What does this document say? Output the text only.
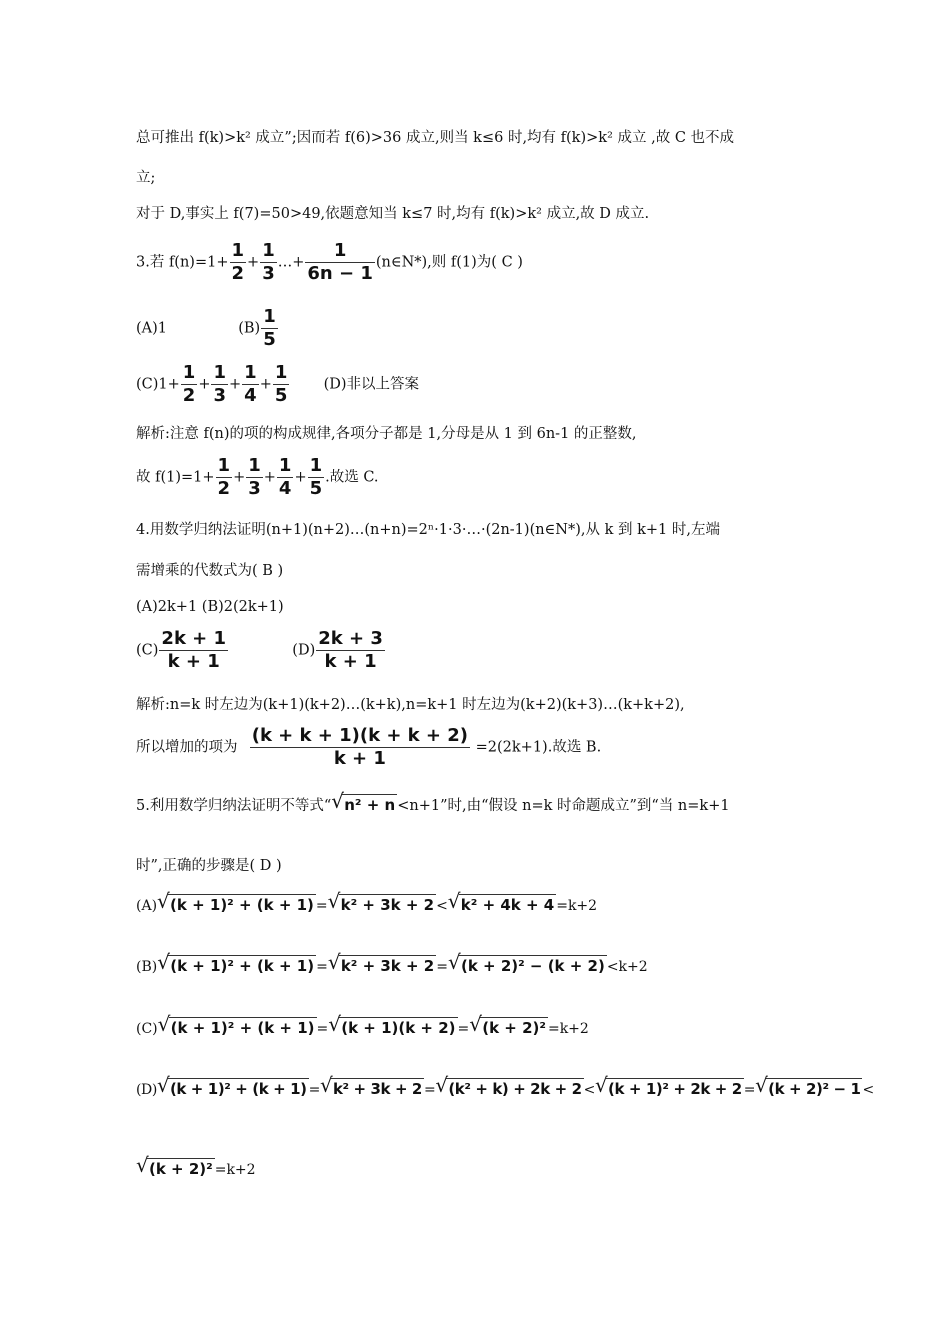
总可推出 f(k)>k² 成立”;因而若 f(6)>36 成立,则当 k≤6 时,均有 f(k)>k² 成立 ,故 C 也不成
立;
对于 D,事实上 f(7)=50>49,依题意知当 k≤7 时,均有 f(k)>k² 成立,故 D 成立.
3.若 $f(n)=1+ \frac{1}{2} + \frac{1}{3}$ …+ $\frac{1}{6n - 1}$ (n∈N*),则 f(1)为( C )
(A)1	$(B) \frac{1}{5}$
$(C)1+ \frac{1}{2} + \frac{1}{3} + \frac{1}{4} + \frac{1}{5} (D)$非以上答案
解析:注意 f(n)的项的构成规律,各项分子都是 1,分母是从 1 到 6n-1 的正整数,
故 $f(1)=1+ \frac{1}{2} + \frac{1}{3} + \frac{1}{4} + \frac{1}{5}$ .故选 C.
4.用数学归纳法证明(n+1)(n+2)…(n+n)=2ⁿ·1·3·…·(2n-1)(n∈N*),从 k 到 k+1 时,左端
需增乘的代数式为( B )
(A)2k+1 (B)2(2k+1)
$(C) \frac{2k + 1}{k + 1}$	$(D) \frac{2k + 3}{k + 1}$
解析:n=k 时左边为(k+1)(k+2)…(k+k),n=k+1 时左边为(k+2)(k+3)…(k+k+2),
所以增加的项为 $\frac{(k + k + 1)(k + k + 2)}{k + 1} =2(2k+1)$.故选 B.
5.利用数学归纳法证明不等式“ √ n² + n <n+1”时,由“假设 n=k 时命题成立”到“当 n=k+1
时”,正确的步骤是( D )
(A) √ (k + 1)² + (k + 1) = √ k² + 3k + 2 < √ k² + 4k + 4 =k+2
(B) √ (k + 1)² + (k + 1) = √ k² + 3k + 2 = √ (k + 2)² − (k + 2) <k+2
(C) √ (k + 1)² + (k + 1) = √ (k + 1)(k + 2) = √ (k + 2)² =k+2
(D) √ (k + 1)² + (k + 1) = √ k² + 3k + 2 = √ (k² + k) + 2k + 2 < √ (k + 1)² + 2k + 2 = √ (k + 2)² − 1 <
√ (k + 2)² =k+2
